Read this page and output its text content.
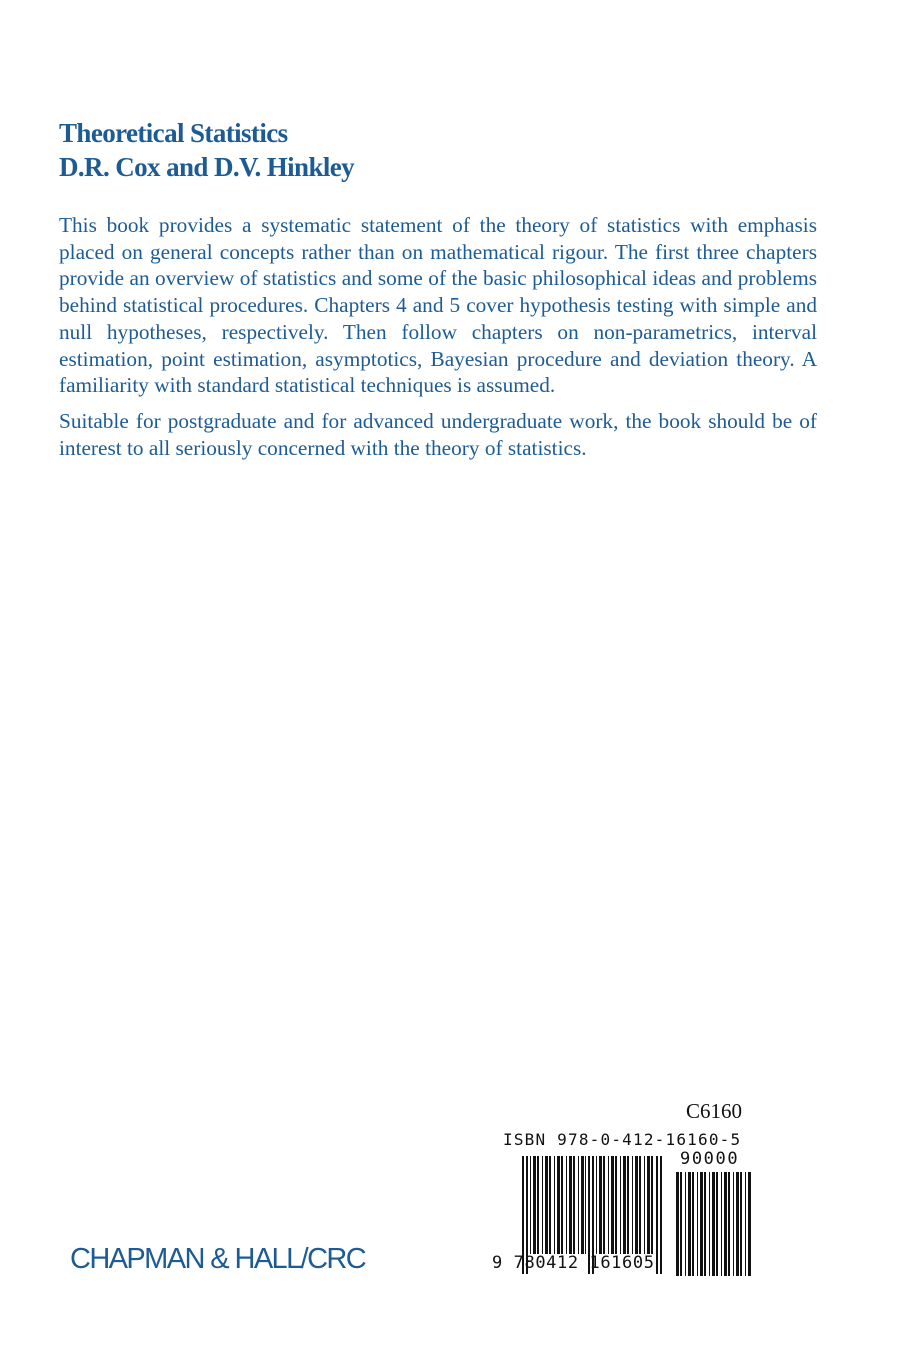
Theoretical Statistics
D.R. Cox and D.V. Hinkley

This book provides a systematic statement of the theory of statistics with emphasis placed on general concepts rather than on mathematical rigour. The first three chapters provide an overview of statistics and some of the basic philosophical ideas and problems behind statistical procedures. Chapters 4 and 5 cover hypothesis testing with simple and null hypotheses, respectively. Then follow chapters on non-parametrics, interval estimation, point estimation, asymptotics, Bayesian procedure and deviation theory. A familiarity with standard statistical techniques is assumed.

Suitable for postgraduate and for advanced undergraduate work, the book should be of interest to all seriously concerned with the theory of statistics.

C6160
ISBN 978-0-412-16160-5
90000
9 780412 161605
CHAPMAN & HALL/CRC
